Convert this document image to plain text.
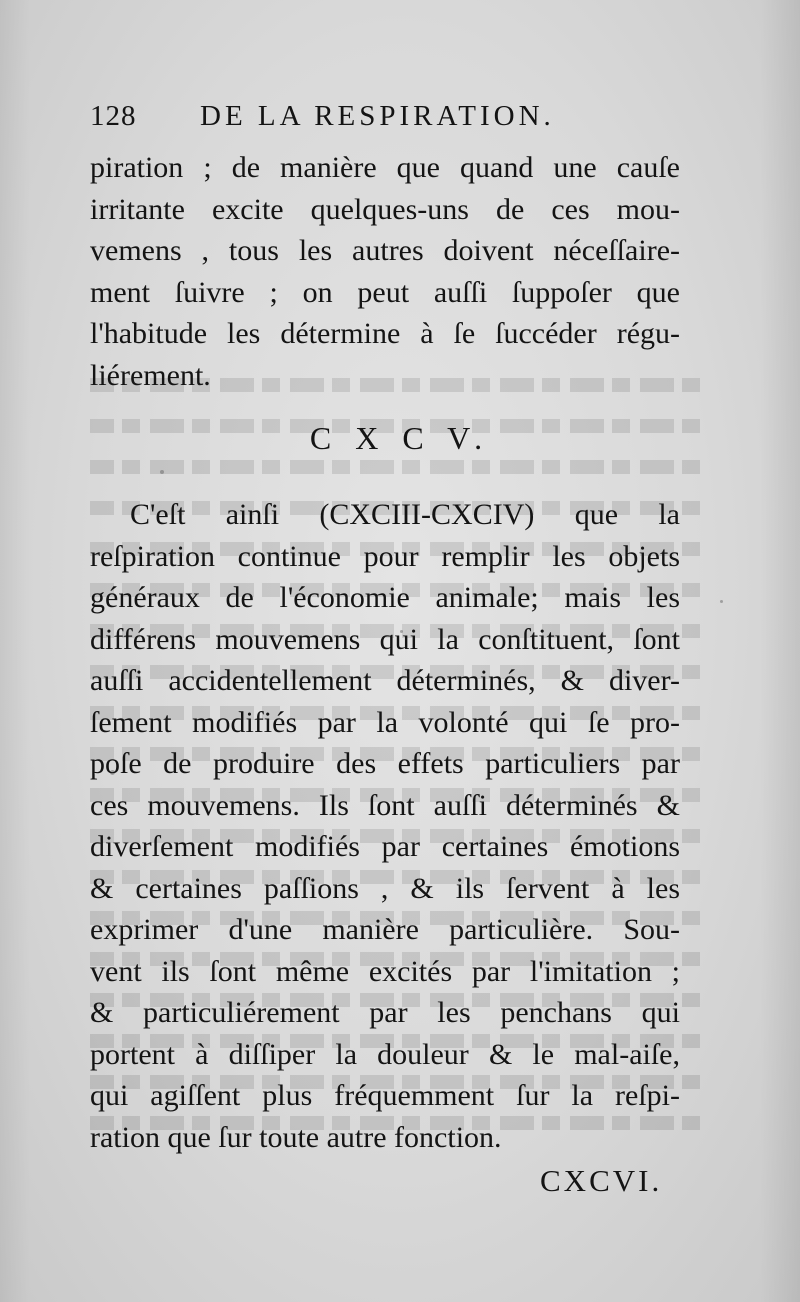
128 DE LA RESPIRATION.
piration ; de manière que quand une cauſe
irritante excite quelques-uns de ces mou-
vemens , tous les autres doivent néceſſaire-
ment ſuivre ; on peut auſſi ſuppoſer que
l'habitude les détermine à ſe ſuccéder régu-
liérement.
C X C V.
C'eſt ainſi (CXCIII-CXCIV) que la
reſpiration continue pour remplir les objets
généraux de l'économie animale; mais les
différens mouvemens qui la conſtituent, ſont
auſſi accidentellement déterminés, & diver-
ſement modifiés par la volonté qui ſe pro-
poſe de produire des effets particuliers par
ces mouvemens. Ils ſont auſſi déterminés &
diverſement modifiés par certaines émotions
& certaines paſſions , & ils ſervent à les
exprimer d'une manière particulière. Sou-
vent ils ſont même excités par l'imitation ;
& particuliérement par les penchans qui
portent à diſſiper la douleur & le mal-aiſe,
qui agiſſent plus fréquemment ſur la reſpi-
ration que ſur toute autre fonction.
CXCVI.
